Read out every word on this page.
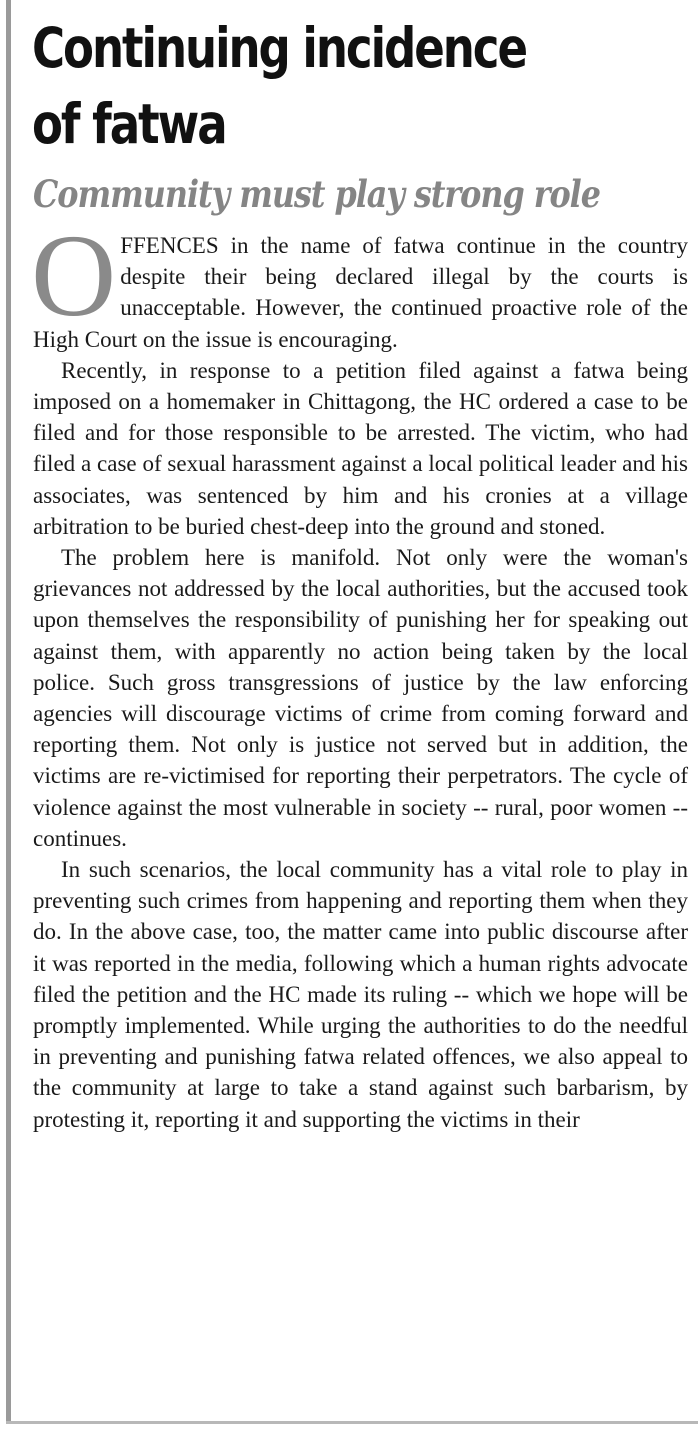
Continuing incidence
of fatwa
Community must play strong role

OFFENCES in the name of fatwa continue in the country despite their being declared illegal by the courts is unacceptable. However, the continued proactive role of the High Court on the issue is encouraging.

Recently, in response to a petition filed against a fatwa being imposed on a homemaker in Chittagong, the HC ordered a case to be filed and for those responsible to be arrested. The victim, who had filed a case of sexual harassment against a local political leader and his associates, was sentenced by him and his cronies at a village arbitration to be buried chest-deep into the ground and stoned.

The problem here is manifold. Not only were the woman's grievances not addressed by the local authorities, but the accused took upon themselves the responsibility of punishing her for speaking out against them, with apparently no action being taken by the local police. Such gross transgressions of justice by the law enforcing agencies will discourage victims of crime from coming forward and reporting them. Not only is justice not served but in addition, the victims are re-victimised for reporting their perpetrators. The cycle of violence against the most vulnerable in society -- rural, poor women -- continues.

In such scenarios, the local community has a vital role to play in preventing such crimes from happening and reporting them when they do. In the above case, too, the matter came into public discourse after it was reported in the media, following which a human rights advocate filed the petition and the HC made its ruling -- which we hope will be promptly implemented. While urging the authorities to do the needful in preventing and punishing fatwa related offences, we also appeal to the community at large to take a stand against such barbarism, by protesting it, reporting it and supporting the victims in their
